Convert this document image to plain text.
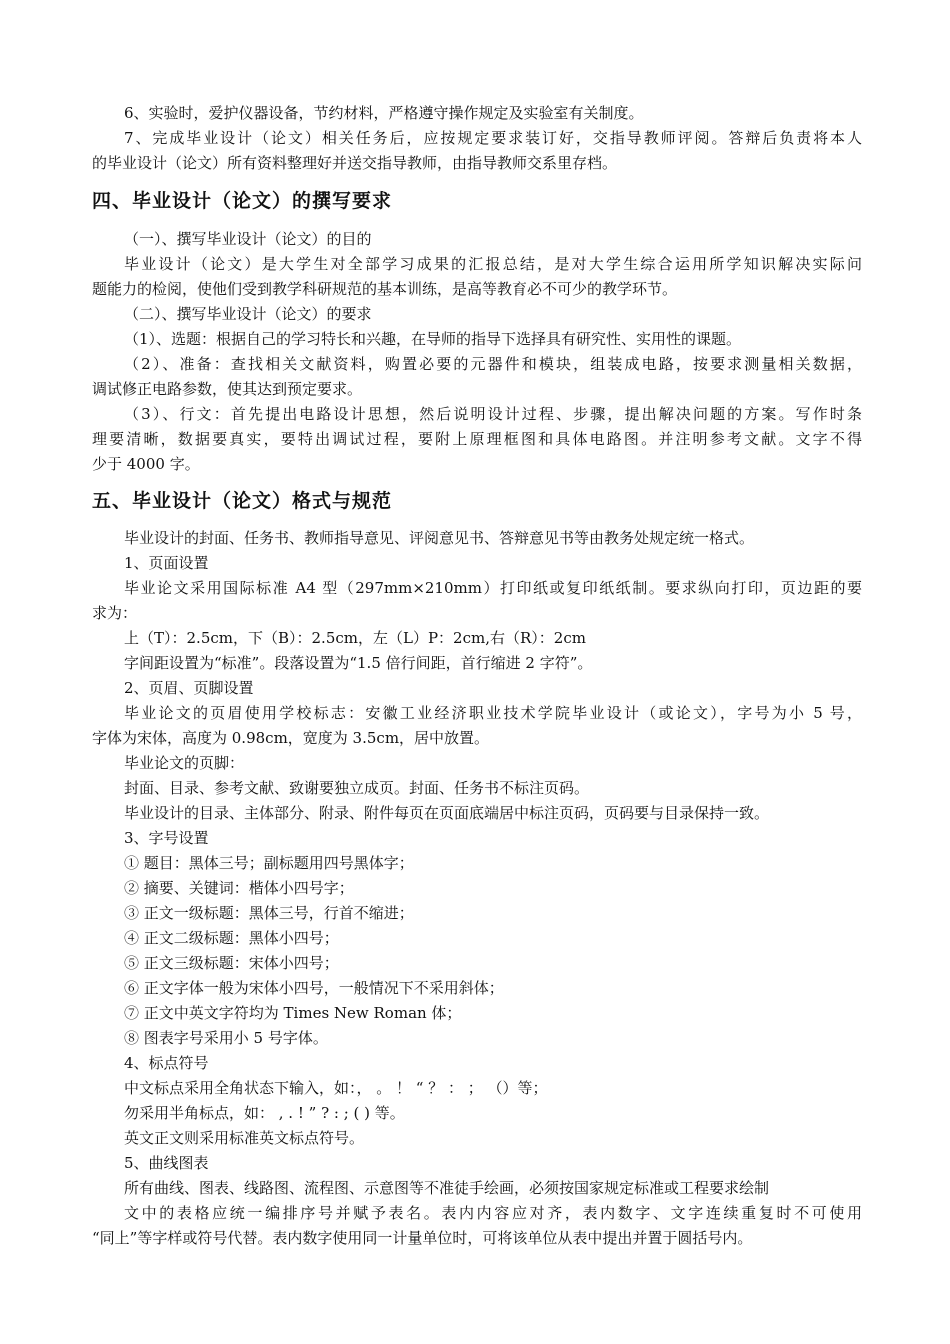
6、实验时，爱护仪器设备，节约材料，严格遵守操作规定及实验室有关制度。
7、完成毕业设计（论文）相关任务后，应按规定要求装订好，交指导教师评阅。答辩后负责将本人
的毕业设计（论文）所有资料整理好并送交指导教师，由指导教师交系里存档。
四、毕业设计（论文）的撰写要求
（一）、撰写毕业设计（论文）的目的
毕业设计（论文）是大学生对全部学习成果的汇报总结，是对大学生综合运用所学知识解决实际问
题能力的检阅，使他们受到教学科研规范的基本训练，是高等教育必不可少的教学环节。
（二）、撰写毕业设计（论文）的要求
（1）、选题：根据自己的学习特长和兴趣，在导师的指导下选择具有研究性、实用性的课题。
（2）、准备：查找相关文献资料，购置必要的元器件和模块，组装成电路，按要求测量相关数据，
调试修正电路参数，使其达到预定要求。
（3）、行文：首先提出电路设计思想，然后说明设计过程、步骤，提出解决问题的方案。写作时条
理要清晰，数据要真实，要特出调试过程，要附上原理框图和具体电路图。并注明参考文献。文字不得
少于 4000 字。
五、毕业设计（论文）格式与规范
毕业设计的封面、任务书、教师指导意见、评阅意见书、答辩意见书等由教务处规定统一格式。
1、页面设置
毕业论文采用国际标准 A4 型（297mm×210mm）打印纸或复印纸纸制。要求纵向打印，页边距的要
求为：
上（T）：2.5cm，下（B）：2.5cm，左（L）P：2cm,右（R）：2cm
字间距设置为“标准”。段落设置为“1.5 倍行间距，首行缩进 2 字符”。
2、页眉、页脚设置
毕业论文的页眉使用学校标志：安徽工业经济职业技术学院毕业设计（或论文），字号为小 5 号，
字体为宋体，高度为 0.98cm，宽度为 3.5cm，居中放置。
毕业论文的页脚：
封面、目录、参考文献、致谢要独立成页。封面、任务书不标注页码。
毕业设计的目录、主体部分、附录、附件每页在页面底端居中标注页码，页码要与目录保持一致。
3、字号设置
① 题目：黑体三号；副标题用四号黑体字；
② 摘要、关键词：楷体小四号字；
③ 正文一级标题：黑体三号，行首不缩进；
④ 正文二级标题：黑体小四号；
⑤ 正文三级标题：宋体小四号；
⑥ 正文字体一般为宋体小四号，一般情况下不采用斜体；
⑦ 正文中英文字符均为 Times New Roman 体；
⑧ 图表字号采用小 5 号字体。
4、标点符号
中文标点采用全角状态下输入，如：， 。 ！ “ ？ ： ； （）等；
勿采用半角标点，如： , . ! ” ? : ; ( ) 等。
英文正文则采用标准英文标点符号。
5、曲线图表
所有曲线、图表、线路图、流程图、示意图等不准徒手绘画，必须按国家规定标准或工程要求绘制
文中的表格应统一编排序号并赋予表名。表内内容应对齐，表内数字、文字连续重复时不可使用
“同上”等字样或符号代替。表内数字使用同一计量单位时，可将该单位从表中提出并置于圆括号内。
